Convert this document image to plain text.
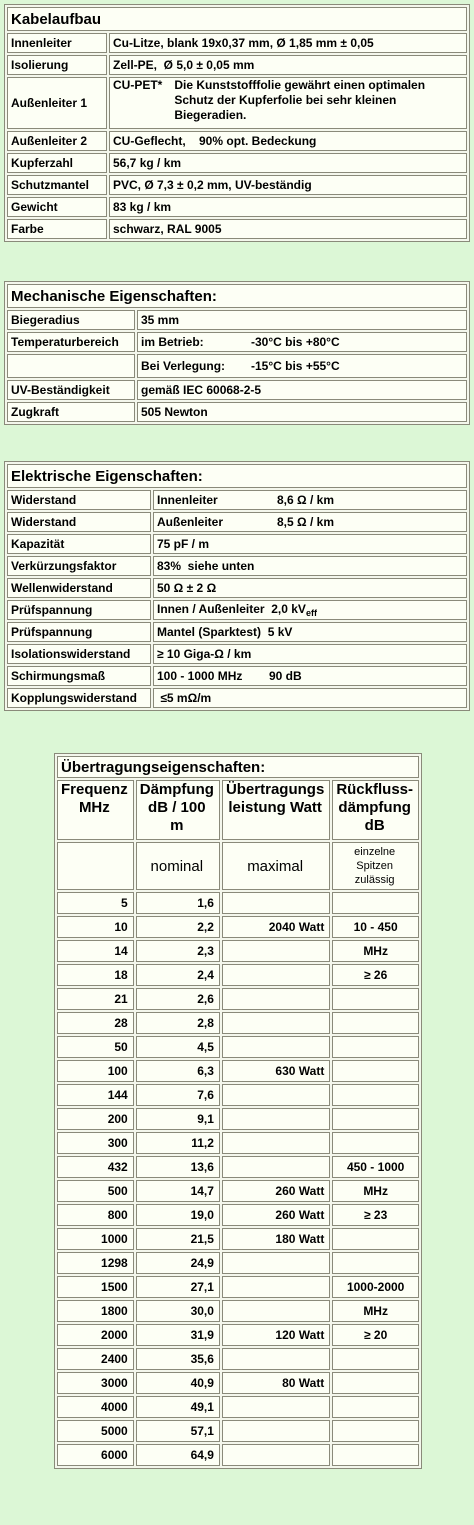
Kabelaufbau	
Innenleiter	Cu-Litze, blank 19x0,37 mm, Ø 1,85 mm ± 0,05
Isolierung	Zell-PE,  Ø 5,0 ± 0,05 mm
Außenleiter 1	CU-PET* Die Kunststofffolie gewährt einen optimalen Schutz der Kupferfolie bei sehr kleinen Biegeradien.

Außenleiter 2	CU-Geflecht,    90% opt. Bedeckung
Kupferzahl	56,7 kg / km
Schutzmantel	PVC, Ø 7,3 ± 0,2 mm, UV-beständig
Gewicht	83 kg / km
Farbe	schwarz, RAL 9005
Mechanische Eigenschaften:	
Biegeradius	35 mm
Temperaturbereich	im Betrieb: -30°C bis +80°C
	Bei Verlegung: -15°C bis +55°C
UV-Beständigkeit	gemäß IEC 60068-2-5
Zugkraft	505 Newton
Elektrische Eigenschaften:	
Widerstand	Innenleiter 8,6 Ω / km
Widerstand	Außenleiter 8,5 Ω / km
Kapazität	75 pF / m
Verkürzungsfaktor	83%  siehe unten
Wellenwiderstand	50 Ω ± 2 Ω
Prüfspannung	Innen / Außenleiter  2,0 $kV_{eff}$
Prüfspannung	Mantel (Sparktest)  5 kV
Isolationswiderstand	≥ 10 Giga-Ω / km
Schirmungsmaß	100 - 1000 MHz 90 dB
Kopplungswiderstand	≤5 mΩ/m
Übertragungseigenschaften:			
Frequenz MHz	Dämpfung dB / 100 m	Übertragungs leistung Watt	Rückfluss-dämpfung dB
	nominal	maximal	einzelne Spitzen zulässig
5	1,6		
10	2,2	2040 Watt	10 - 450
14	2,3		MHz
18	2,4		≥ 26
21	2,6		
28	2,8		
50	4,5		
100	6,3	630 Watt	
144	7,6		
200	9,1		
300	11,2		
432	13,6		450 - 1000
500	14,7	260 Watt	MHz
800	19,0	260 Watt	≥ 23
1000	21,5	180 Watt	
1298	24,9		
1500	27,1		1000-2000
1800	30,0		MHz
2000	31,9	120 Watt	≥ 20
2400	35,6		
3000	40,9	80 Watt	
4000	49,1		
5000	57,1		
6000	64,9		
